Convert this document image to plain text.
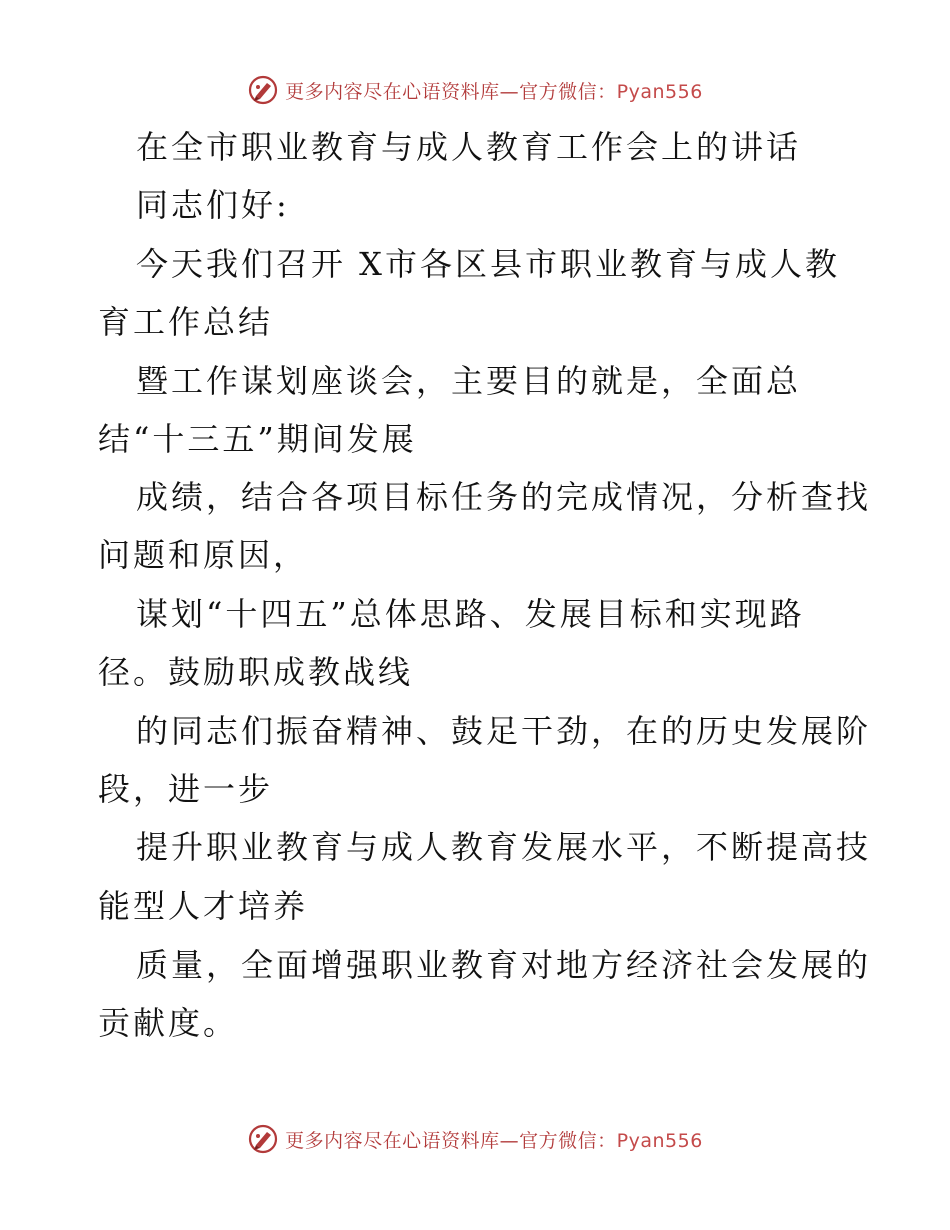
更多内容尽在心语资料库—官方微信：Pyan556
在全市职业教育与成人教育工作会上的讲话
同志们好:
今天我们召开 X市各区县市职业教育与成人教
育工作总结
暨工作谋划座谈会，主要目的就是，全面总
结“十三五”期间发展
成绩，结合各项目标任务的完成情况，分析查找
问题和原因，
谋划“十四五”总体思路、发展目标和实现路
径。鼓励职成教战线
的同志们振奋精神、鼓足干劲，在的历史发展阶
段，进一步
提升职业教育与成人教育发展水平，不断提高技
能型人才培养
质量，全面增强职业教育对地方经济社会发展的
贡献度。
更多内容尽在心语资料库—官方微信：Pyan556
